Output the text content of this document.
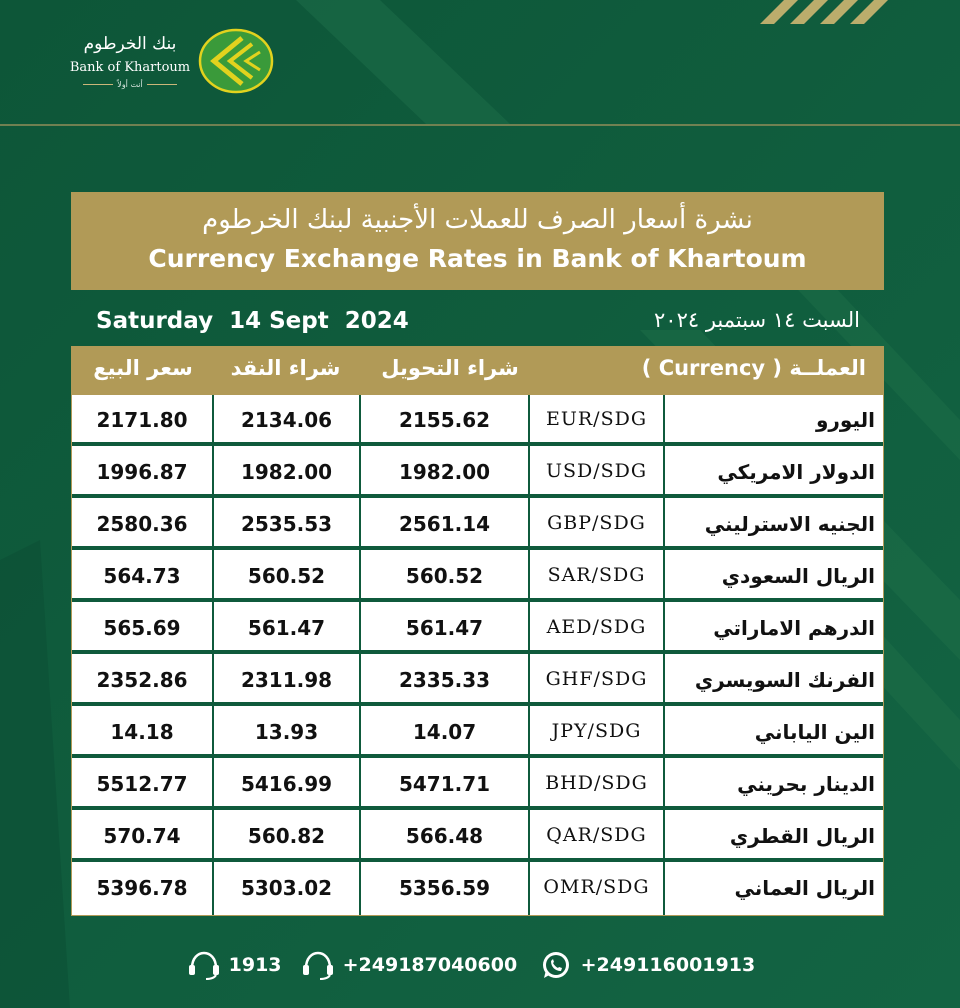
بنك الخرطوم
Bank of Khartoum
أنت أولاً
نشرة أسعار الصرف للعملات الأجنبية لبنك الخرطوم
Currency Exchange Rates in Bank of Khartoum
Saturday  14 Sept  2024	السبت ١٤ سبتمبر ٢٠٢٤
سعر البيع	شراء النقد	شراء التحويل	العملــة ( Currency )
2171.80	2134.06	2155.62	EUR/SDG	اليورو
1996.87	1982.00	1982.00	USD/SDG	الدولار الامريكي
2580.36	2535.53	2561.14	GBP/SDG	الجنيه الاسترليني
564.73	560.52	560.52	SAR/SDG	الريال السعودي
565.69	561.47	561.47	AED/SDG	الدرهم الاماراتي
2352.86	2311.98	2335.33	GHF/SDG	الفرنك السويسري
14.18	13.93	14.07	JPY/SDG	الين الياباني
5512.77	5416.99	5471.71	BHD/SDG	الدينار بحريني
570.74	560.82	566.48	QAR/SDG	الريال القطري
5396.78	5303.02	5356.59	OMR/SDG	الريال العماني
1913	+249187040600	+249116001913
